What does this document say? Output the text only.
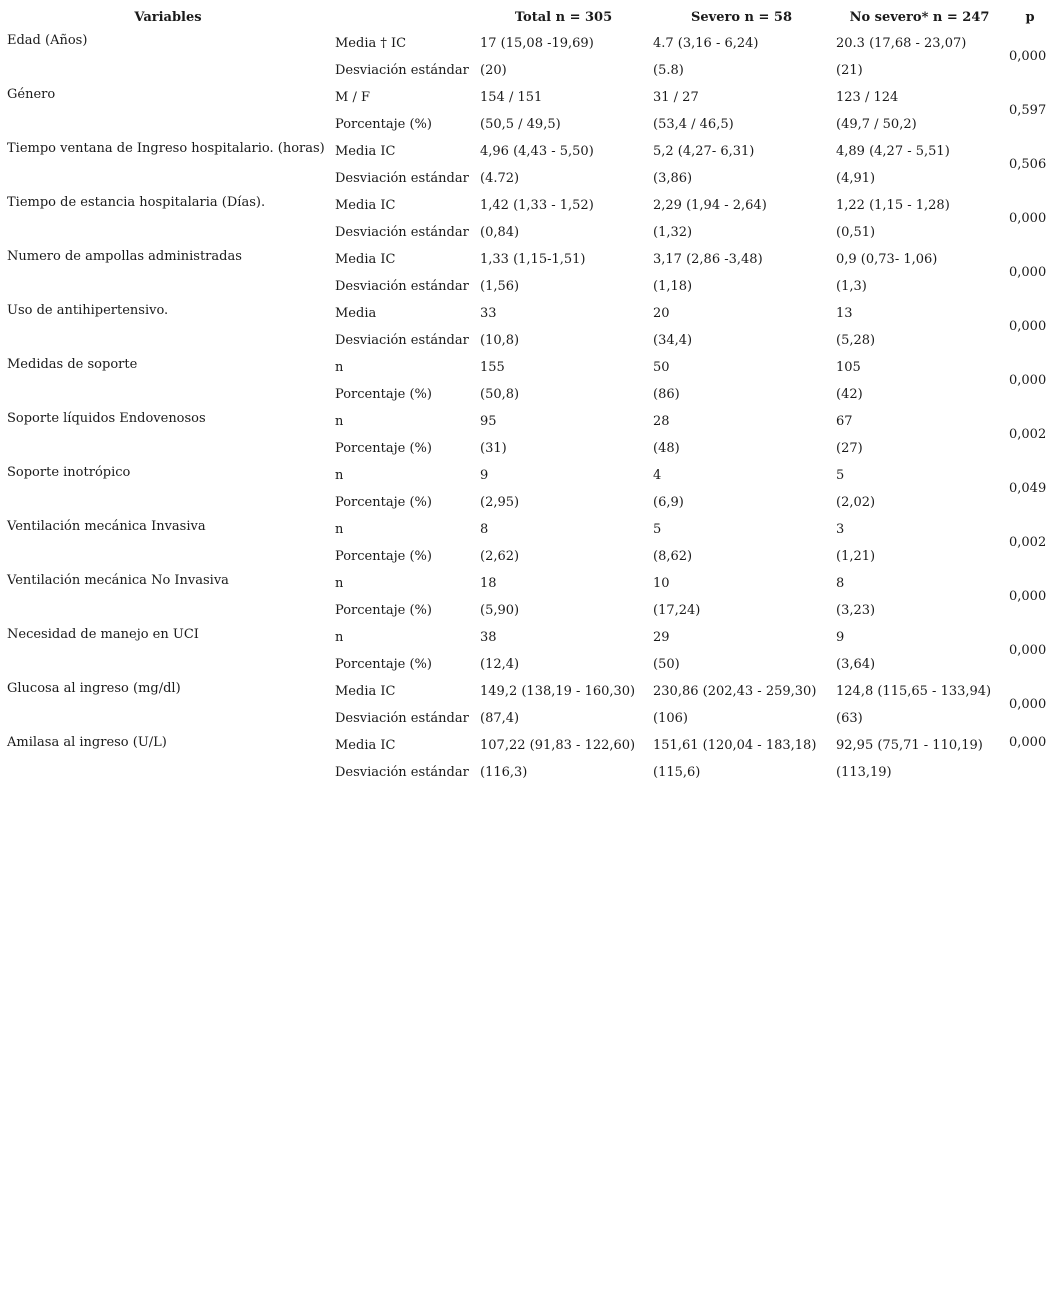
Variables		Total n = 305	Severo n = 58	No severo* n = 247	p
Edad (Años)	Media † IC	17 (15,08 -19,69)	4.7 (3,16 - 6,24)	20.3 (17,68 - 23,07)	0,000
	Desviación estándar	(20)	(5.8)	(21)	
Género	M / F	154 / 151	31 / 27	123 / 124	0,597
	Porcentaje (%)	(50,5 / 49,5)	(53,4 / 46,5)	(49,7 / 50,2)	
Tiempo ventana de Ingreso hospitalario. (horas)	Media IC	4,96 (4,43 - 5,50)	5,2 (4,27- 6,31)	4,89 (4,27 - 5,51)	0,506
	Desviación estándar	(4.72)	(3,86)	(4,91)	
Tiempo de estancia hospitalaria (Días).	Media IC	1,42 (1,33 - 1,52)	2,29 (1,94 - 2,64)	1,22 (1,15 - 1,28)	0,000
	Desviación estándar	(0,84)	(1,32)	(0,51)	
Numero de ampollas administradas	Media IC	1,33 (1,15-1,51)	3,17 (2,86 -3,48)	0,9 (0,73- 1,06)	0,000
	Desviación estándar	(1,56)	(1,18)	(1,3)	
Uso de antihipertensivo.	Media	33	20	13	0,000
	Desviación estándar	(10,8)	(34,4)	(5,28)	
Medidas de soporte	n	155	50	105	0,000
	Porcentaje (%)	(50,8)	(86)	(42)	
Soporte líquidos Endovenosos	n	95	28	67	0,002
	Porcentaje (%)	(31)	(48)	(27)	
Soporte inotrópico	n	9	4	5	0,049
	Porcentaje (%)	(2,95)	(6,9)	(2,02)	
Ventilación mecánica Invasiva	n	8	5	3	0,002
	Porcentaje (%)	(2,62)	(8,62)	(1,21)	
Ventilación mecánica No Invasiva	n	18	10	8	0,000
	Porcentaje (%)	(5,90)	(17,24)	(3,23)	
Necesidad de manejo en UCI	n	38	29	9	0,000
	Porcentaje (%)	(12,4)	(50)	(3,64)	
Glucosa al ingreso (mg/dl)	Media IC	149,2 (138,19 - 160,30)	230,86 (202,43 - 259,30)	124,8 (115,65 - 133,94)	0,000
	Desviación estándar	(87,4)	(106)	(63)	
Amilasa al ingreso (U/L)	Media IC	107,22 (91,83 - 122,60)	151,61 (120,04 - 183,18)	92,95 (75,71 - 110,19)	0,000
	Desviación estándar	(116,3)	(115,6)	(113,19)	
